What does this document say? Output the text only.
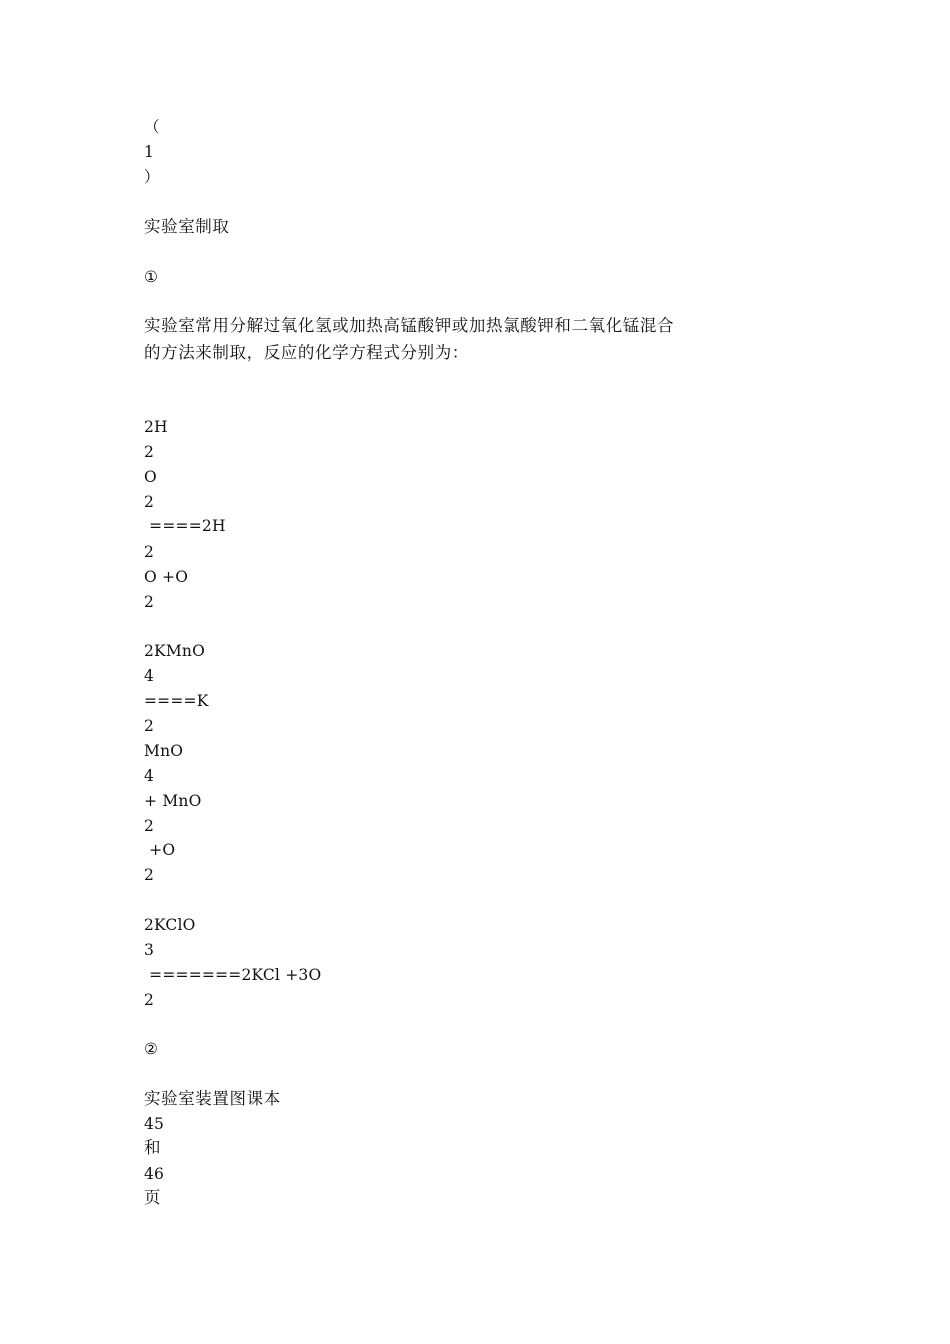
（
1
）
实验室制取
①
实验室常用分解过氧化氢或加热高锰酸钾或加热氯酸钾和二氧化锰混合
的方法来制取，反应的化学方程式分别为：
2H
2
O
2
====2H
2
O +O
2
2KMnO
4
====K
2
MnO
4
+ MnO
2
+O
2
2KClO
3
=======2KCl +3O
2
②
实验室装置图课本
45
和
46
页
